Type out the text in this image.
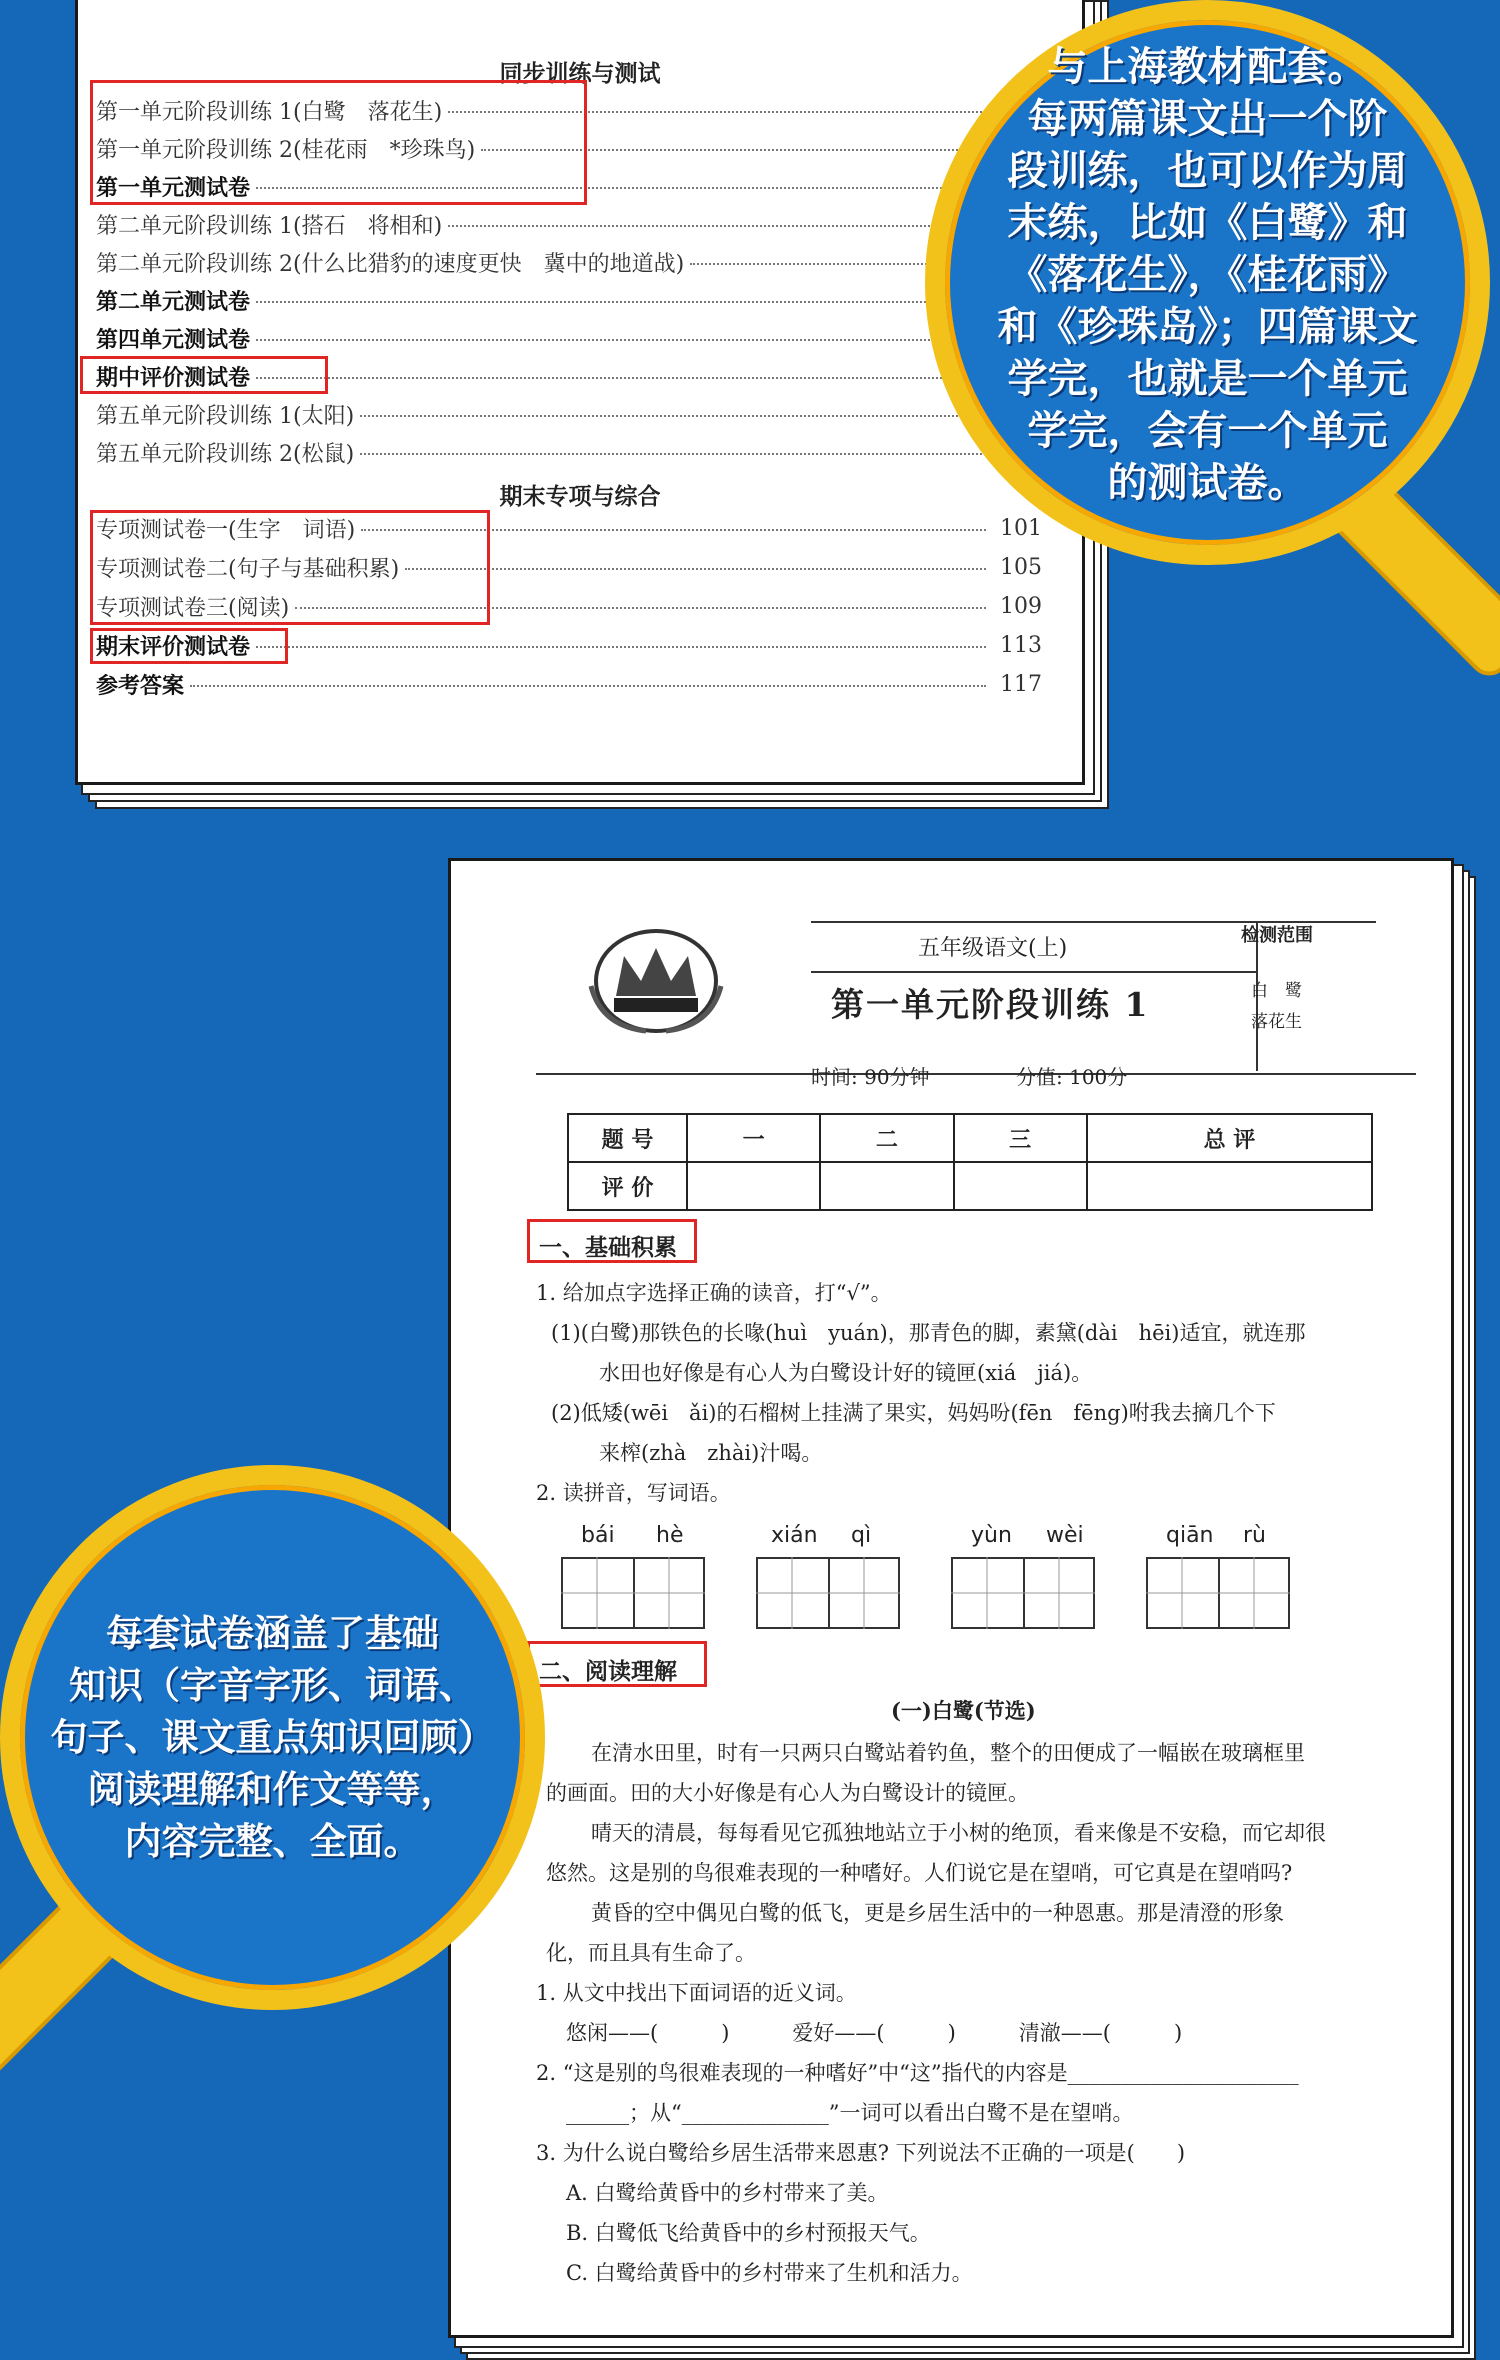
同步训练与测试
第一单元阶段训练 1(白鹭　落花生)
第一单元阶段训练 2(桂花雨　*珍珠鸟)
第一单元测试卷
第二单元阶段训练 1(搭石　将相和)
第二单元阶段训练 2(什么比猎豹的速度更快　冀中的地道战)
第二单元测试卷
第四单元测试卷
期中评价测试卷
第五单元阶段训练 1(太阳)
第五单元阶段训练 2(松鼠)
期末专项与综合
专项测试卷一(生字　词语)	101
专项测试卷二(句子与基础积累)	105
专项测试卷三(阅读)	109
期末评价测试卷	113
参考答案	117
与上海教材配套。
每两篇课文出一个阶
段训练，也可以作为周
末练，比如《白鹭》和
《落花生》，《桂花雨》
和《珍珠岛》；四篇课文
学完，也就是一个单元
学完，会有一个单元
的测试卷。
五年级语文(上)
第一单元阶段训练 1
检测范围
白　鹭
落花生
时间: 90分钟	分值: 100分
题 号	一	二	三	总 评
评 价				
一、基础积累
1. 给加点字选择正确的读音，打“√”。
(1)(白鹭)那铁色的长喙(huì　yuán)，那青色的脚，素黛(dài　hēi)适宜，就连那
水田也好像是有心人为白鹭设计好的镜匣(xiá　jiá)。
(2)低矮(wēi　ǎi)的石榴树上挂满了果实，妈妈吩(fēn　fēng)咐我去摘几个下
来榨(zhà　zhài)汁喝。
2. 读拼音，写词语。
bái hè	xián qì	yùn wèi	qiān rù
二、阅读理解
(一)白鹭(节选)
在清水田里，时有一只两只白鹭站着钓鱼，整个的田便成了一幅嵌在玻璃框里
的画面。田的大小好像是有心人为白鹭设计的镜匣。
晴天的清晨，每每看见它孤独地站立于小树的绝顶，看来像是不安稳，而它却很
悠然。这是别的鸟很难表现的一种嗜好。人们说它是在望哨，可它真是在望哨吗?
黄昏的空中偶见白鹭的低飞，更是乡居生活中的一种恩惠。那是清澄的形象
化，而且具有生命了。
1. 从文中找出下面词语的近义词。
悠闲——(　　　)　　　爱好——(　　　)　　　清澈——(　　　)
2. “这是别的鸟很难表现的一种嗜好”中“这”指代的内容是______________________
______；从“______________”一词可以看出白鹭不是在望哨。
3. 为什么说白鹭给乡居生活带来恩惠? 下列说法不正确的一项是(　　)
A. 白鹭给黄昏中的乡村带来了美。
B. 白鹭低飞给黄昏中的乡村预报天气。
C. 白鹭给黄昏中的乡村带来了生机和活力。
每套试卷涵盖了基础
知识（字音字形、词语、
句子、课文重点知识回顾）
阅读理解和作文等等，
内容完整、全面。
